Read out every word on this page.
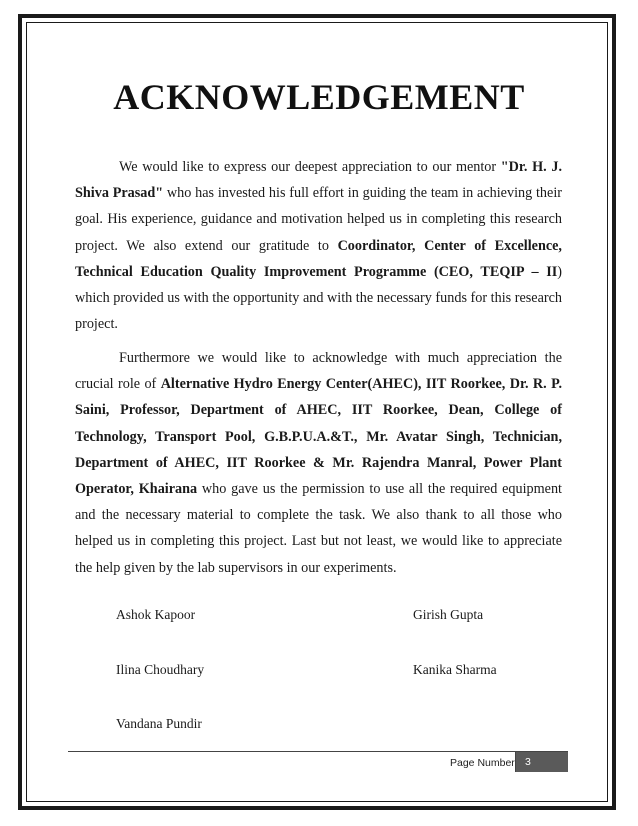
ACKNOWLEDGEMENT

We would like to express our deepest appreciation to our mentor "Dr. H. J. Shiva Prasad" who has invested his full effort in guiding the team in achieving their goal. His experience, guidance and motivation helped us in completing this research project. We also extend our gratitude to Coordinator, Center of Excellence, Technical Education Quality Improvement Programme (CEO, TEQIP – II) which provided us with the opportunity and with the necessary funds for this research project.

Furthermore we would like to acknowledge with much appreciation the crucial role of Alternative Hydro Energy Center(AHEC), IIT Roorkee, Dr. R. P. Saini, Professor, Department of AHEC, IIT Roorkee, Dean, College of Technology, Transport Pool, G.B.P.U.A.&T., Mr. Avatar Singh, Technician, Department of AHEC, IIT Roorkee & Mr. Rajendra Manral, Power Plant Operator, Khairana who gave us the permission to use all the required equipment and the necessary material to complete the task. We also thank to all those who helped us in completing this project. Last but not least, we would like to appreciate the help given by the lab supervisors in our experiments.

Ashok Kapoor	Girish Gupta
Ilina Choudhary	Kanika Sharma
Vandana Pundir
Page Number 3
